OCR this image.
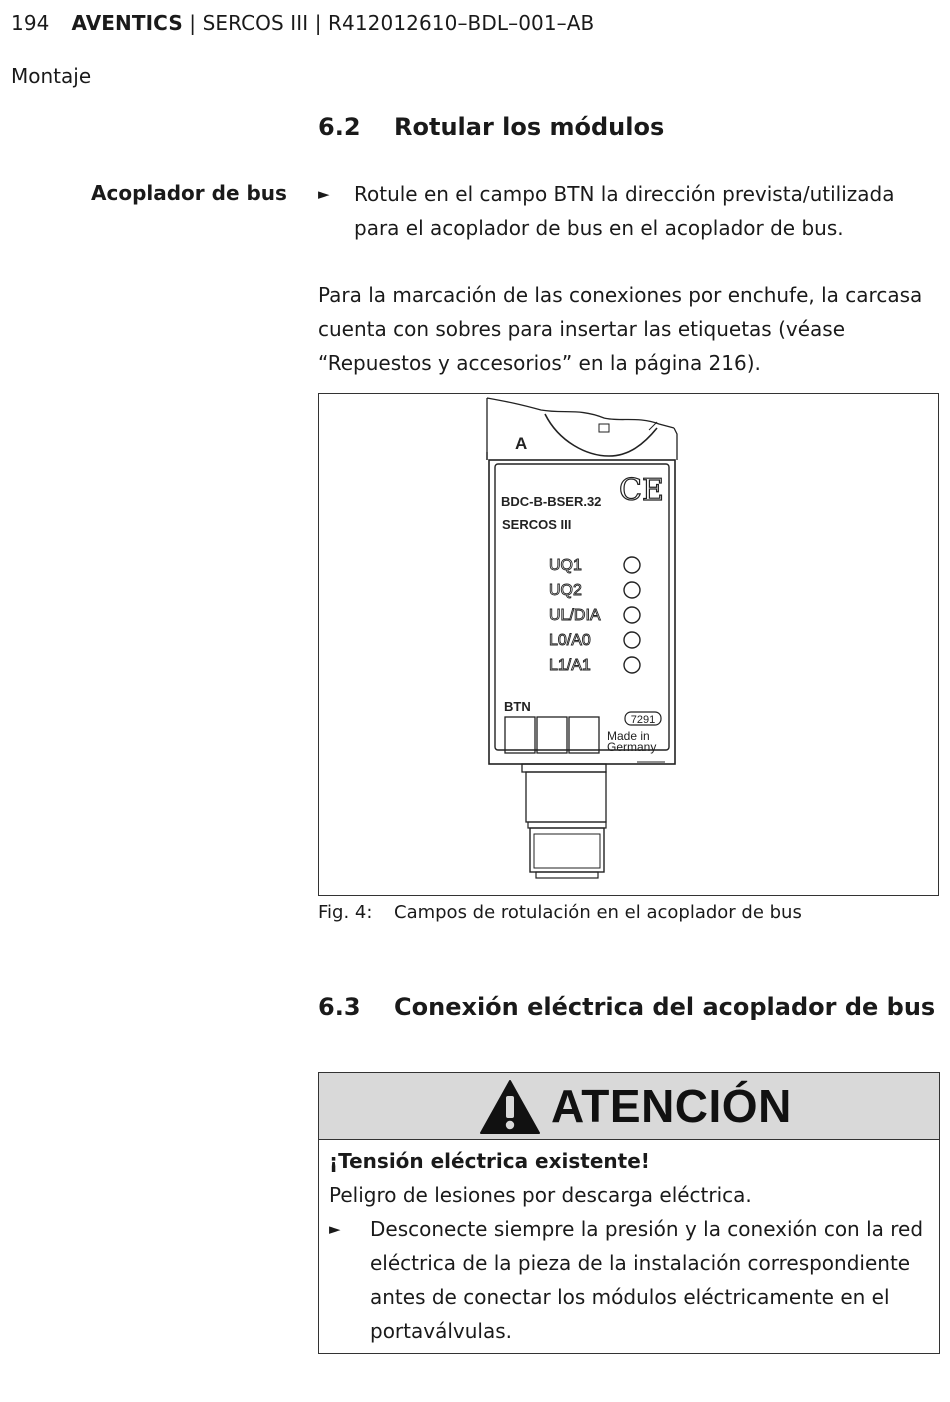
194 AVENTICS | SERCOS III | R412012610–BDL–001–AB
Montaje
6.2 Rotular los módulos
Acoplador de bus ► Rotule en el campo BTN la dirección prevista/utilizada para el acoplador de bus en el acoplador de bus.
Para la marcación de las conexiones por enchufe, la carcasa cuenta con sobres para insertar las etiquetas (véase “Repuestos y accesorios” en la página 216).
A
CE
BDC-B-BSER.32
SERCOS III
UQ1
UQ2
UL/DIA
L0/A0
L1/A1
BTN
7291
Made in
Germany
Fig. 4: Campos de rotulación en el acoplador de bus
6.3 Conexión eléctrica del acoplador de bus
ATENCIÓN
¡Tensión eléctrica existente!
Peligro de lesiones por descarga eléctrica.
► Desconecte siempre la presión y la conexión con la red eléctrica de la pieza de la instalación correspondiente antes de conectar los módulos eléctricamente en el portaválvulas.
